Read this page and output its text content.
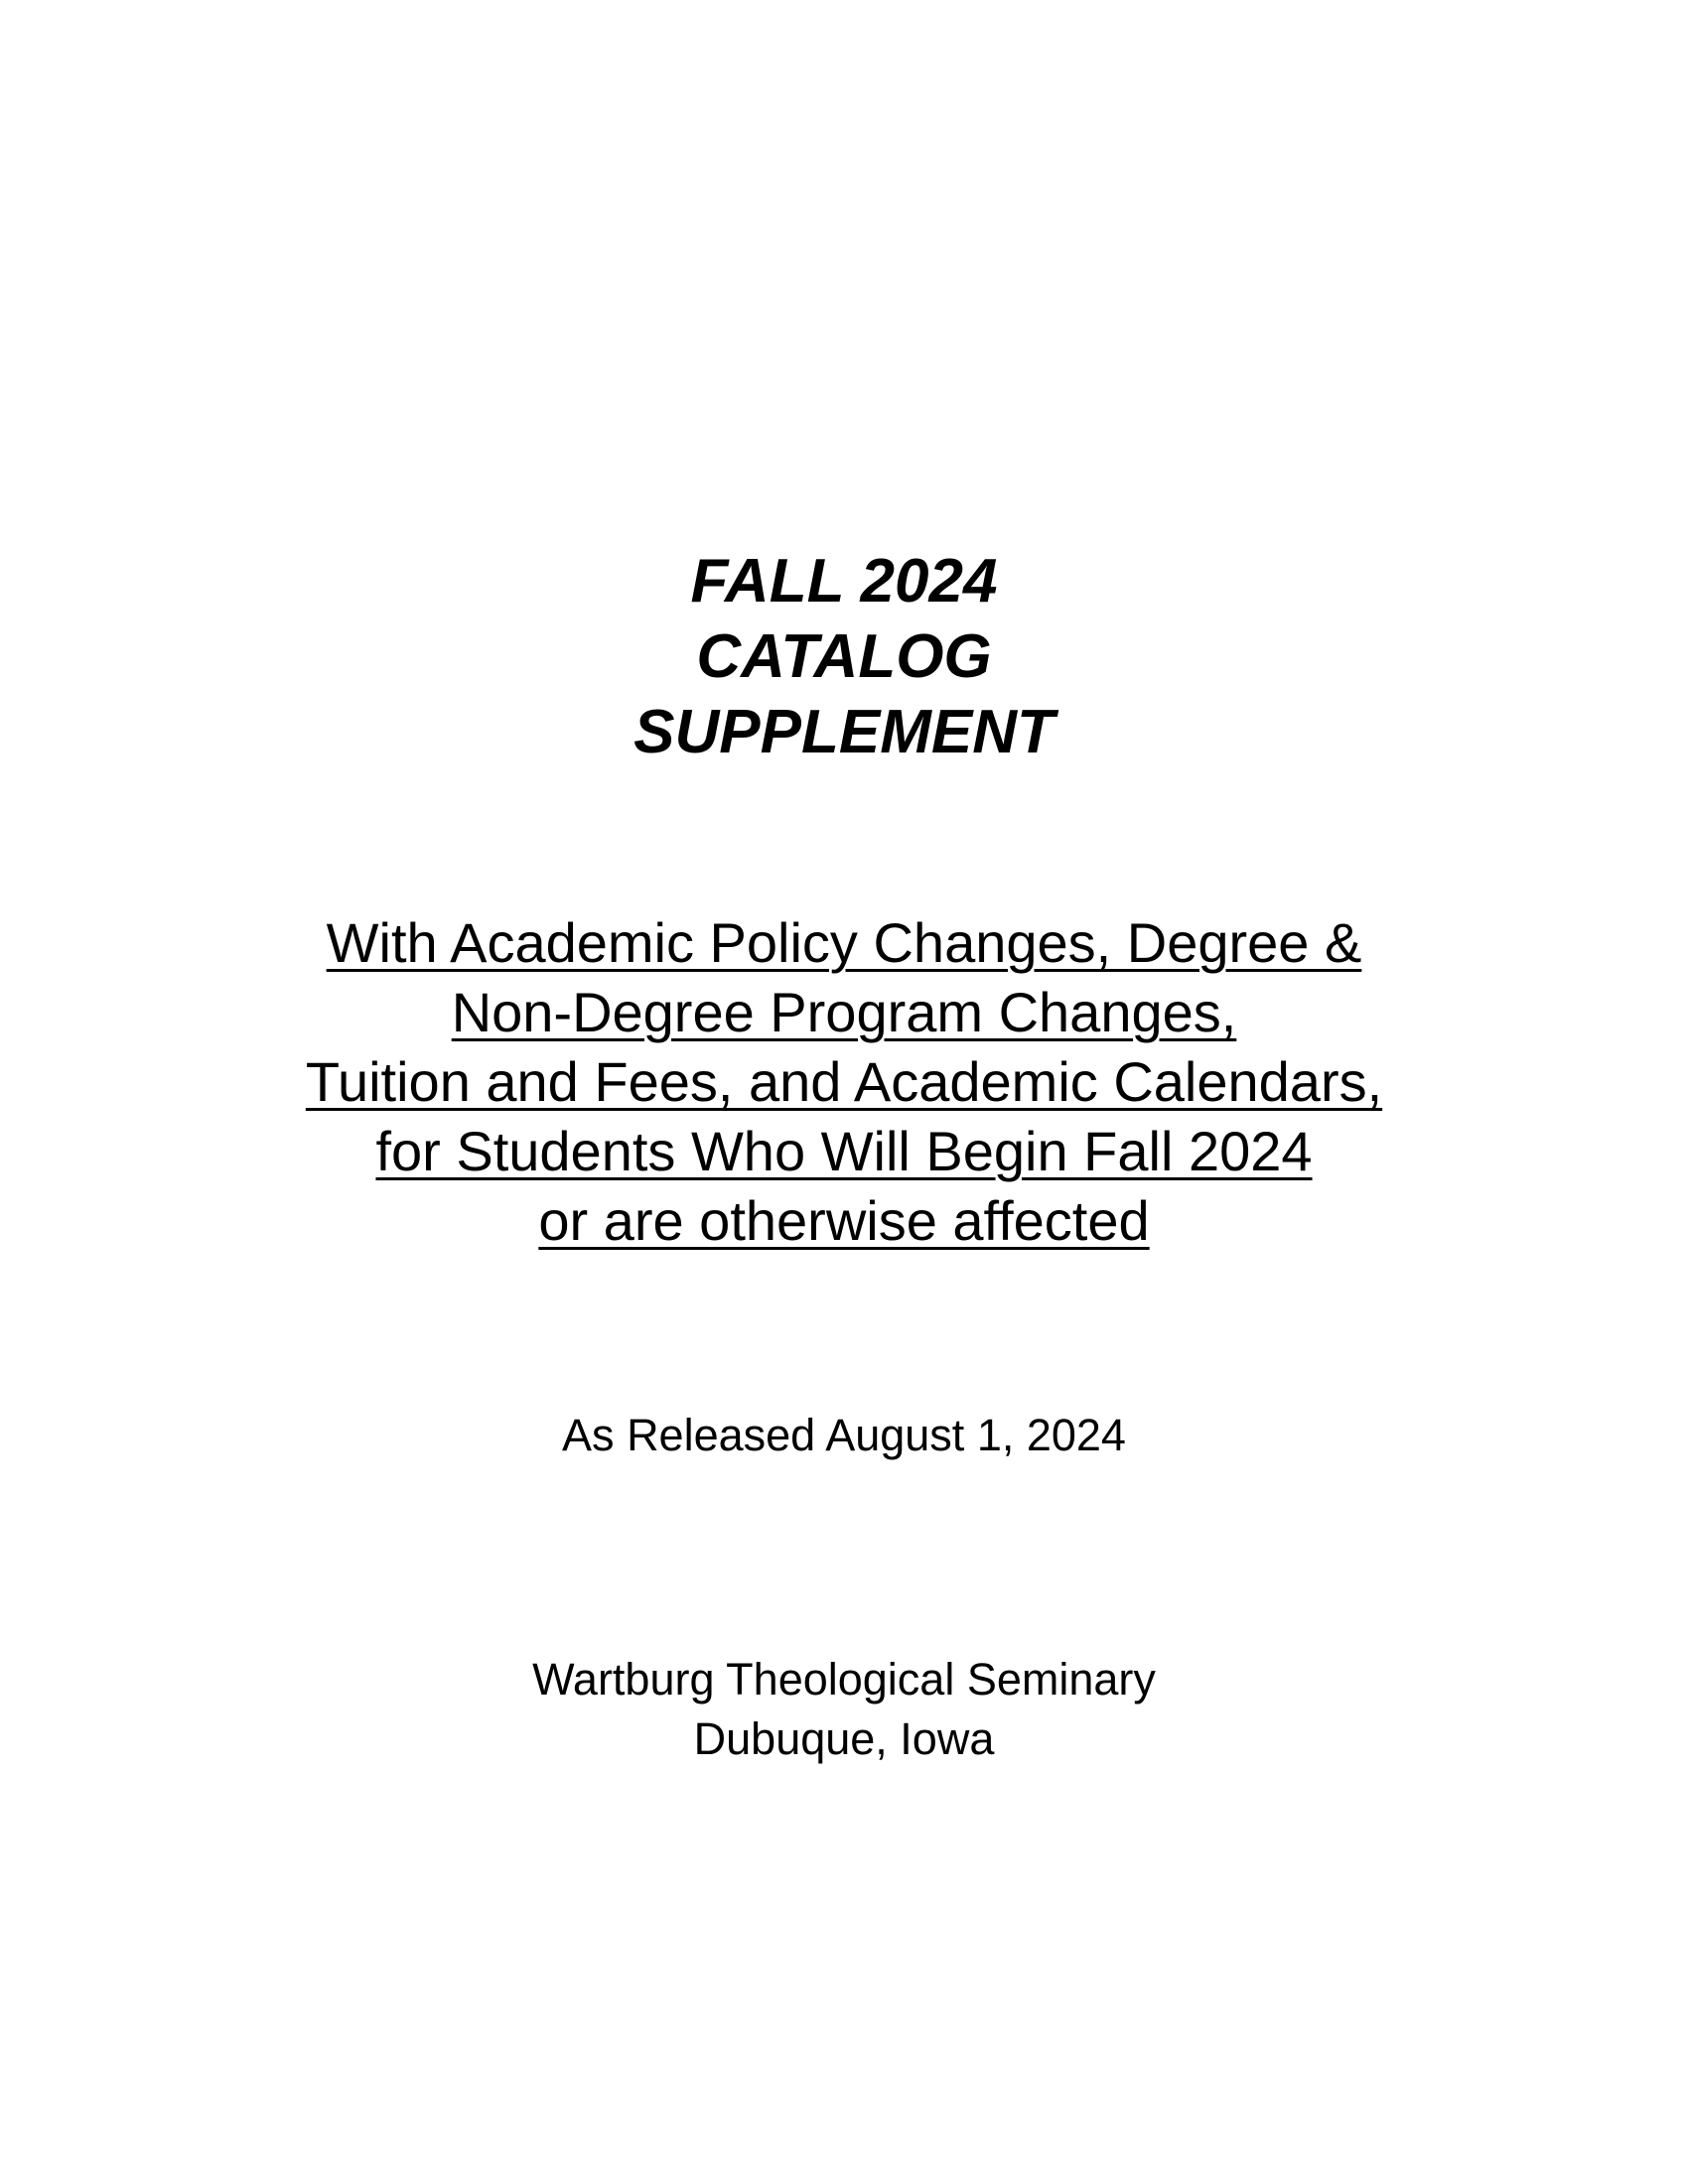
FALL 2024
CATALOG
SUPPLEMENT

With Academic Policy Changes, Degree &

Non-Degree Program Changes,

Tuition and Fees, and Academic Calendars,

for Students Who Will Begin Fall 2024

or are otherwise affected

As Released August 1, 2024

Wartburg Theological Seminary

Dubuque, Iowa
